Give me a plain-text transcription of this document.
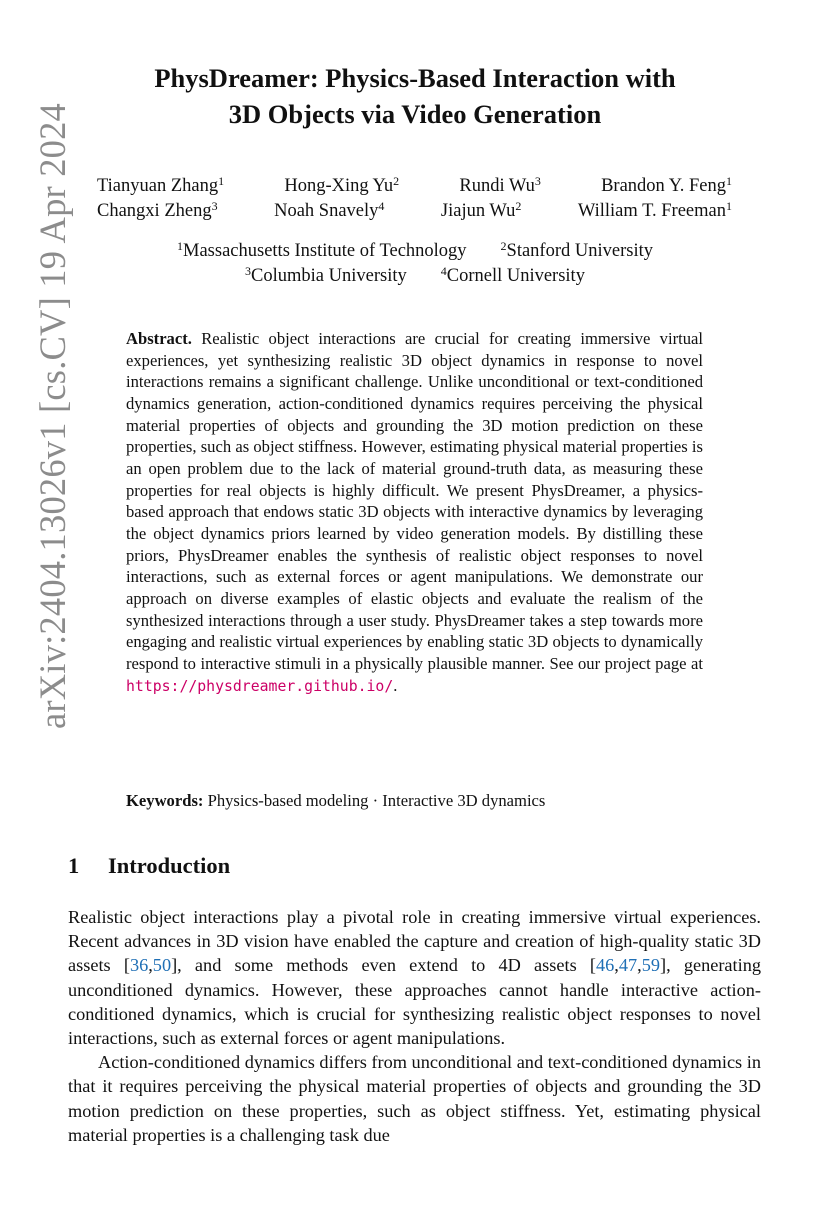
arXiv:2404.13026v1 [cs.CV] 19 Apr 2024
PhysDreamer: Physics-Based Interaction with
3D Objects via Video Generation
Tianyuan Zhang$^1$	Hong-Xing Yu$^2$	Rundi Wu$^3$	Brandon Y. Feng$^1$
Changxi Zheng$^3$	Noah Snavely$^4$	Jiajun Wu$^2$	William T. Freeman$^1$
$^1$Massachusetts Institute of Technology	$^2$Stanford University
$^3$Columbia University	$^4$Cornell University
Abstract. Realistic object interactions are crucial for creating immersive virtual experiences, yet synthesizing realistic 3D object dynamics in response to novel interactions remains a significant challenge. Unlike unconditional or text-conditioned dynamics generation, action-conditioned dynamics requires perceiving the physical material properties of objects and grounding the 3D motion prediction on these properties, such as object stiffness. However, estimating physical material properties is an open problem due to the lack of material ground-truth data, as measuring these properties for real objects is highly difficult. We present PhysDreamer, a physics-based approach that endows static 3D objects with interactive dynamics by leveraging the object dynamics priors learned by video generation models. By distilling these priors, PhysDreamer enables the synthesis of realistic object responses to novel interactions, such as external forces or agent manipulations. We demonstrate our approach on diverse examples of elastic objects and evaluate the realism of the synthesized interactions through a user study. PhysDreamer takes a step towards more engaging and realistic virtual experiences by enabling static 3D objects to dynamically respond to interactive stimuli in a physically plausible manner. See our project page at https://physdreamer.github.io/.
Keywords: Physics-based modeling · Interactive 3D dynamics
1 Introduction

Realistic object interactions play a pivotal role in creating immersive virtual experiences. Recent advances in 3D vision have enabled the capture and creation of high-quality static 3D assets [36,50], and some methods even extend to 4D assets [46,47,59], generating unconditioned dynamics. However, these approaches cannot handle interactive action-conditioned dynamics, which is crucial for synthesizing realistic object responses to novel interactions, such as external forces or agent manipulations.

Action-conditioned dynamics differs from unconditional and text-conditioned dynamics in that it requires perceiving the physical material properties of objects and grounding the 3D motion prediction on these properties, such as object stiffness. Yet, estimating physical material properties is a challenging task due
